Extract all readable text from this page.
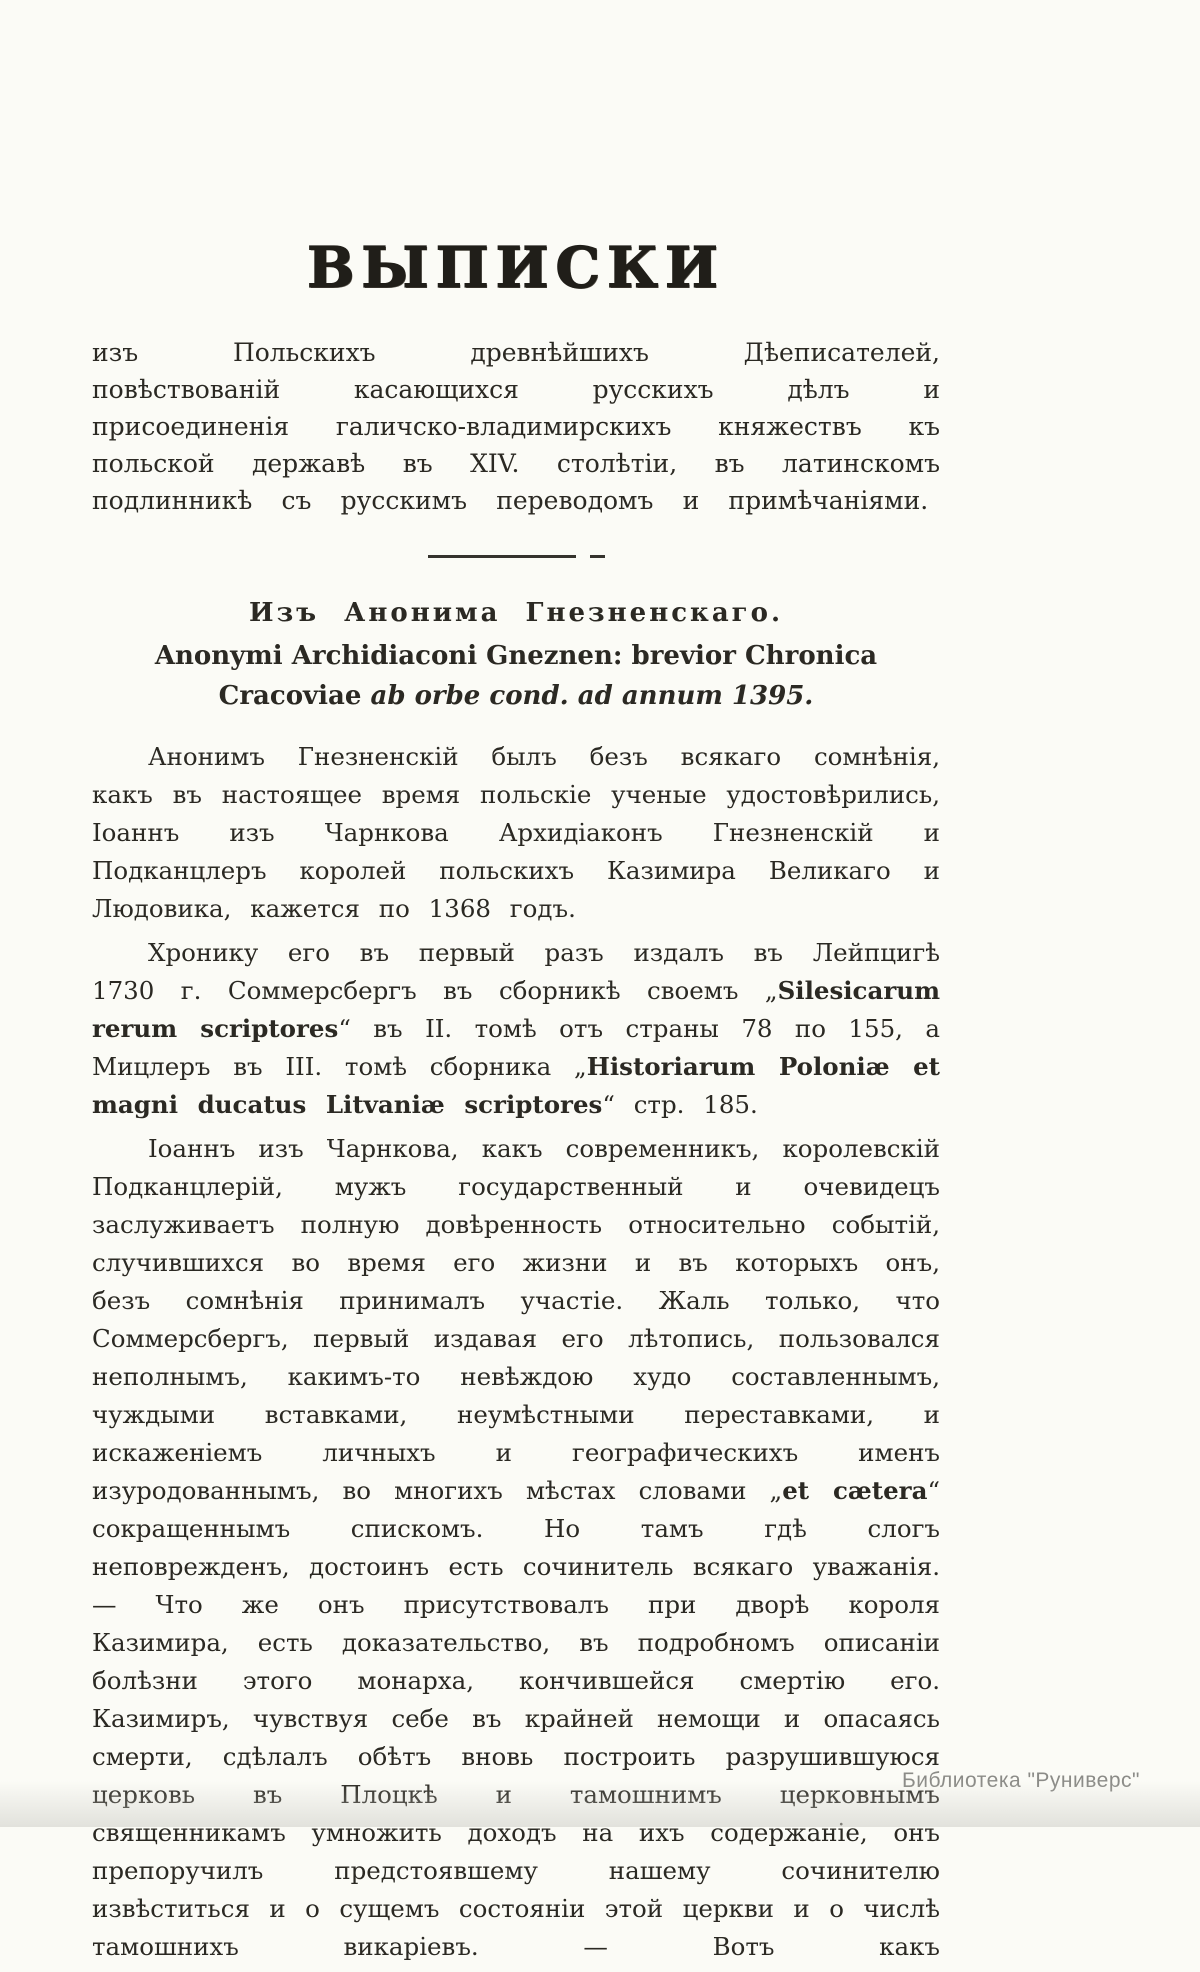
ВЫПИСКИ

изъ Польскихъ древнѣйшихъ Дѣеписателей, повѣствованій касающихся русскихъ дѣлъ и присоединенія галичско-владимирскихъ княжествъ къ польской державѣ въ XIV. столѣтіи, въ латинскомъ подлинникѣ съ русскимъ переводомъ и примѣчаніями.

Изъ Анонима Гнезненскаго.

Anonymi Archidiaconi Gneznen: brevior Chronica Cracoviae ab orbe cond. ad annum 1395.

Анонимъ Гнезненскій былъ безъ всякаго сомнѣнія, какъ въ настоящее время польскіе ученые удостовѣрились, Іоаннъ изъ Чарнкова Архидіаконъ Гнезненскій и Подканцлеръ королей польскихъ Казимира Великаго и Людовика, кажется по 1368 годъ.

Хронику его въ первый разъ издалъ въ Лейпцигѣ 1730 г. Соммерсбергъ въ сборникѣ своемъ „Silesicarum rerum scriptores“ въ II. томѣ отъ страны 78 по 155, а Мицлеръ въ III. томѣ сборника „Historiarum Poloniæ et magni ducatus Litvaniæ scriptores“ стр. 185.

Іоаннъ изъ Чарнкова, какъ современникъ, королевскій Подканцлерій, мужъ государственный и очевидецъ заслуживаетъ полную довѣренность относительно событій, случившихся во время его жизни и въ которыхъ онъ, безъ сомнѣнія принималъ участіе. Жаль только, что Соммерсбергъ, первый издавая его лѣтопись, пользовался неполнымъ, какимъ-то невѣждою худо составленнымъ, чуждыми вставками, неумѣстными переставками, и искаженіемъ личныхъ и географическихъ именъ изуродованнымъ, во многихъ мѣстах словами „et cætera“ сокращеннымъ спискомъ. Но тамъ гдѣ слогъ неповрежденъ, достоинъ есть сочинитель всякаго уважанія. — Что же онъ присутствовалъ при дворѣ короля Казимира, есть доказательство, въ подробномъ описаніи болѣзни этого монарха, кончившейся смертію его. Казимиръ, чувствуя себе въ крайней немощи и опасаясь смерти, сдѣлалъ обѣтъ вновь построить разрушившуюся церковь въ Плоцкѣ и тамошнимъ церковнымъ священникамъ умножить доходъ на ихъ содержаніе, онъ препоручилъ предстоявшему нашему сочинителю извѣститься и о сущемъ состояніи этой церкви и о числѣ тамошнихъ викаріевъ. — Вотъ какъ

Библиотека "Руниверс"
